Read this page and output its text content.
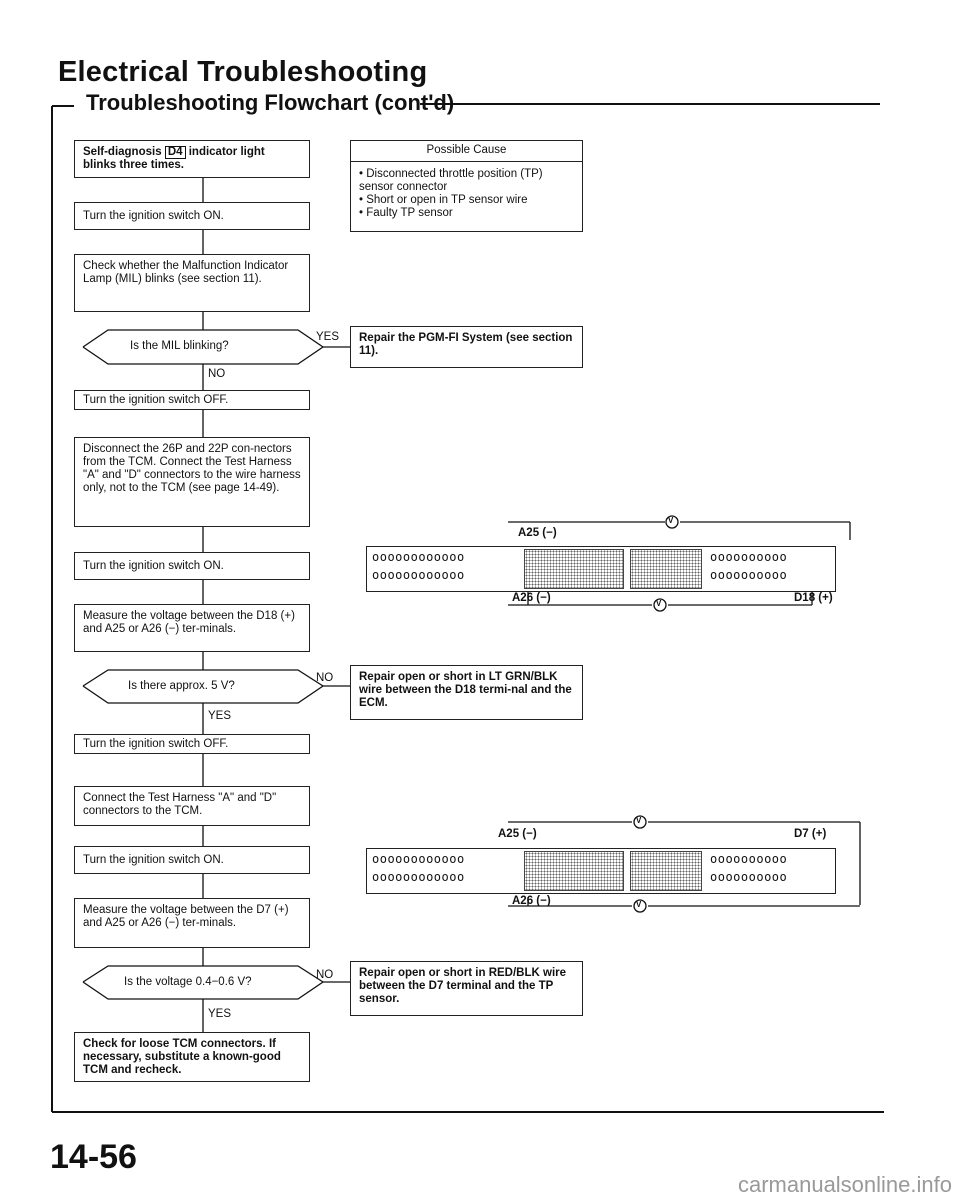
Electrical Troubleshooting
Troubleshooting Flowchart (cont'd)
V
V
V
V
Self-diagnosis D4 indicator light
blinks three times.
Turn the ignition switch ON.
Check whether the Malfunction Indicator Lamp (MIL) blinks (see section 11).
Is the MIL blinking?
YES
NO
Turn the ignition switch OFF.
Disconnect the 26P and 22P con-nectors from the TCM. Connect the Test Harness "A" and "D" connectors to the wire harness only, not to the TCM (see page 14-49).
Turn the ignition switch ON.
Measure the voltage between the D18 (+) and A25 or A26 (−) ter-minals.
Is there approx. 5 V?
NO
YES
Turn the ignition switch OFF.
Connect the Test Harness "A" and "D" connectors to the TCM.
Turn the ignition switch ON.
Measure the voltage between the D7 (+) and A25 or A26 (−) ter-minals.
Is the voltage 0.4−0.6 V?
NO
YES
Check for loose TCM connectors. If necessary, substitute a known-good TCM and recheck.
Possible Cause
• Disconnected throttle position (TP) sensor connector
• Short or open in TP sensor wire
• Faulty TP sensor
Repair the PGM-FI System (see section 11).
Repair open or short in LT GRN/BLK wire between the D18 termi-nal and the ECM.
Repair open or short in RED/BLK wire between the D7 terminal and the TP sensor.
A25 (−)
oooooooooooo
oooooooooooo
oooooooooo
oooooooooo
A26 (−)	D18 (+)
A25 (−)	D7 (+)
oooooooooooo
oooooooooooo
oooooooooo
oooooooooo
A26 (−)
14-56
carmanualsonline.info
